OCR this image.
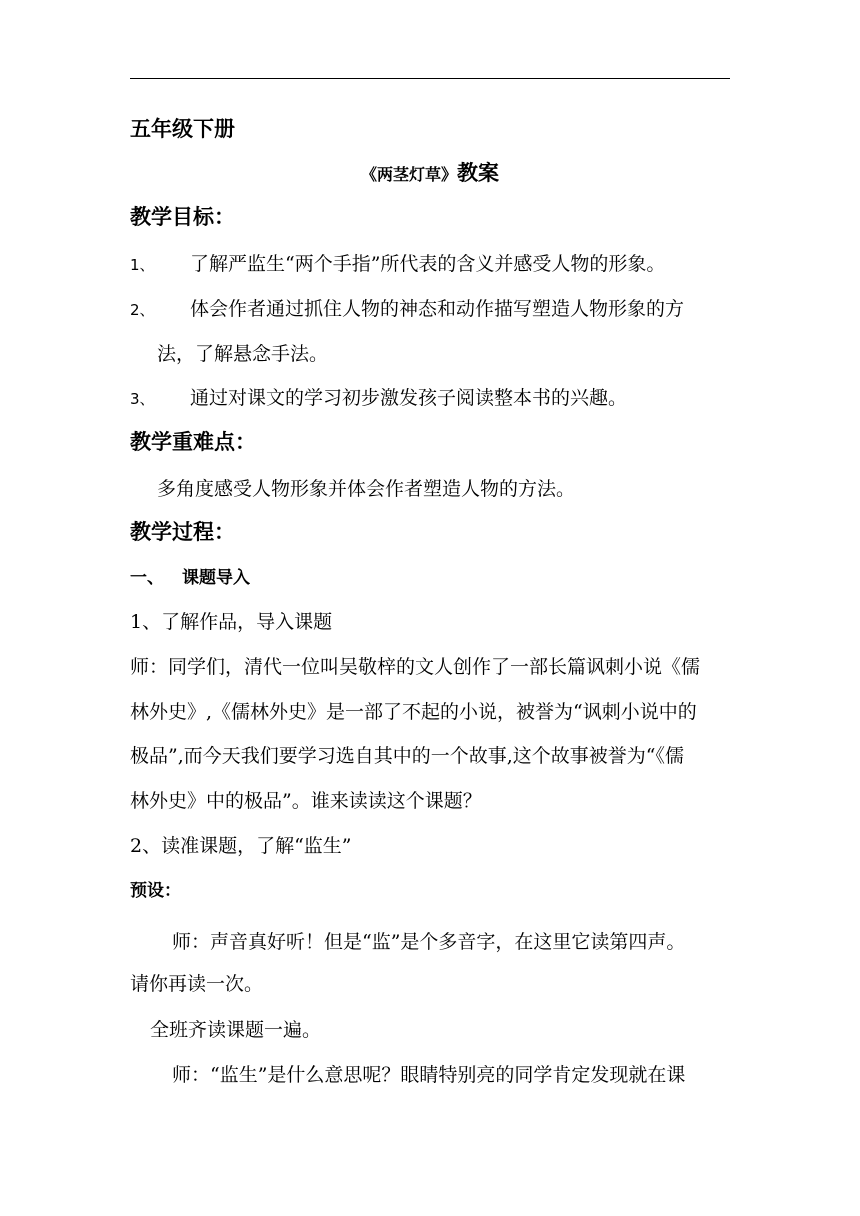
五年级下册
《两茎灯草》教案
教学目标：
1、 了解严监生“两个手指”所代表的含义并感受人物的形象。
2、 体会作者通过抓住人物的神态和动作描写塑造人物形象的方
法，了解悬念手法。
3、 通过对课文的学习初步激发孩子阅读整本书的兴趣。
教学重难点：
多角度感受人物形象并体会作者塑造人物的方法。
教学过程：
一、 课题导入
1、了解作品，导入课题
师：同学们，清代一位叫吴敬梓的文人创作了一部长篇讽刺小说《儒
林外史》,《儒林外史》是一部了不起的小说，被誉为“讽刺小说中的
极品”,而今天我们要学习选自其中的一个故事,这个故事被誉为“《儒
林外史》中的极品”。谁来读读这个课题？
2、读准课题，了解“监生”
预设：
师：声音真好听！但是“监”是个多音字，在这里它读第四声。
请你再读一次。
全班齐读课题一遍。
师：“监生”是什么意思呢？眼睛特别亮的同学肯定发现就在课
